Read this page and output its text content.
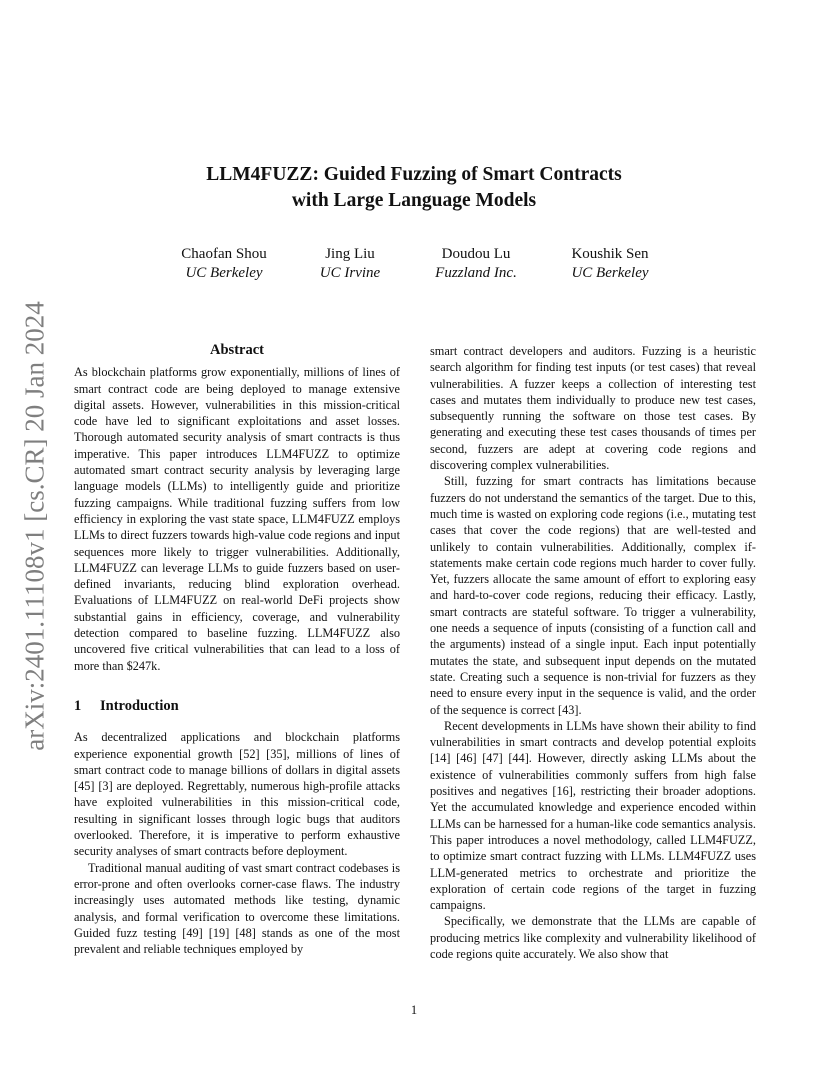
arXiv:2401.11108v1 [cs.CR] 20 Jan 2024
LLM4FUZZ: Guided Fuzzing of Smart Contracts
with Large Language Models
Chaofan Shou
UC Berkeley
Jing Liu
UC Irvine
Doudou Lu
Fuzzland Inc.
Koushik Sen
UC Berkeley
Abstract

As blockchain platforms grow exponentially, millions of lines of smart contract code are being deployed to manage extensive digital assets. However, vulnerabilities in this mission-critical code have led to significant exploitations and asset losses. Thorough automated security analysis of smart contracts is thus imperative. This paper introduces LLM4FUZZ to optimize automated smart contract security analysis by leveraging large language models (LLMs) to intelligently guide and prioritize fuzzing campaigns. While traditional fuzzing suffers from low efficiency in exploring the vast state space, LLM4FUZZ employs LLMs to direct fuzzers towards high-value code regions and input sequences more likely to trigger vulnerabilities. Additionally, LLM4FUZZ can leverage LLMs to guide fuzzers based on user-defined invariants, reducing blind exploration overhead. Evaluations of LLM4FUZZ on real-world DeFi projects show substantial gains in efficiency, coverage, and vulnerability detection compared to baseline fuzzing. LLM4FUZZ also uncovered five critical vulnerabilities that can lead to a loss of more than $247k.

1 Introduction

As decentralized applications and blockchain platforms experience exponential growth [52] [35], millions of lines of smart contract code to manage billions of dollars in digital assets [45] [3] are deployed. Regrettably, numerous high-profile attacks have exploited vulnerabilities in this mission-critical code, resulting in significant losses through logic bugs that auditors overlooked. Therefore, it is imperative to perform exhaustive security analyses of smart contracts before deployment.

Traditional manual auditing of vast smart contract codebases is error-prone and often overlooks corner-case flaws. The industry increasingly uses automated methods like testing, dynamic analysis, and formal verification to overcome these limitations. Guided fuzz testing [49] [19] [48] stands as one of the most prevalent and reliable techniques employed by

smart contract developers and auditors. Fuzzing is a heuristic search algorithm for finding test inputs (or test cases) that reveal vulnerabilities. A fuzzer keeps a collection of interesting test cases and mutates them individually to produce new test cases, subsequently running the software on those test cases. By generating and executing these test cases thousands of times per second, fuzzers are adept at covering code regions and discovering complex vulnerabilities.

Still, fuzzing for smart contracts has limitations because fuzzers do not understand the semantics of the target. Due to this, much time is wasted on exploring code regions (i.e., mutating test cases that cover the code regions) that are well-tested and unlikely to contain vulnerabilities. Additionally, complex if-statements make certain code regions much harder to cover fully. Yet, fuzzers allocate the same amount of effort to exploring easy and hard-to-cover code regions, reducing their efficacy. Lastly, smart contracts are stateful software. To trigger a vulnerability, one needs a sequence of inputs (consisting of a function call and the arguments) instead of a single input. Each input potentially mutates the state, and subsequent input depends on the mutated state. Creating such a sequence is non-trivial for fuzzers as they need to ensure every input in the sequence is valid, and the order of the sequence is correct [43].

Recent developments in LLMs have shown their ability to find vulnerabilities in smart contracts and develop potential exploits [14] [46] [47] [44]. However, directly asking LLMs about the existence of vulnerabilities commonly suffers from high false positives and negatives [16], restricting their broader adoptions. Yet the accumulated knowledge and experience encoded within LLMs can be harnessed for a human-like code semantics analysis. This paper introduces a novel methodology, called LLM4FUZZ, to optimize smart contract fuzzing with LLMs. LLM4FUZZ uses LLM-generated metrics to orchestrate and prioritize the exploration of certain code regions of the target in fuzzing campaigns.

Specifically, we demonstrate that the LLMs are capable of producing metrics like complexity and vulnerability likelihood of code regions quite accurately. We also show that

1
